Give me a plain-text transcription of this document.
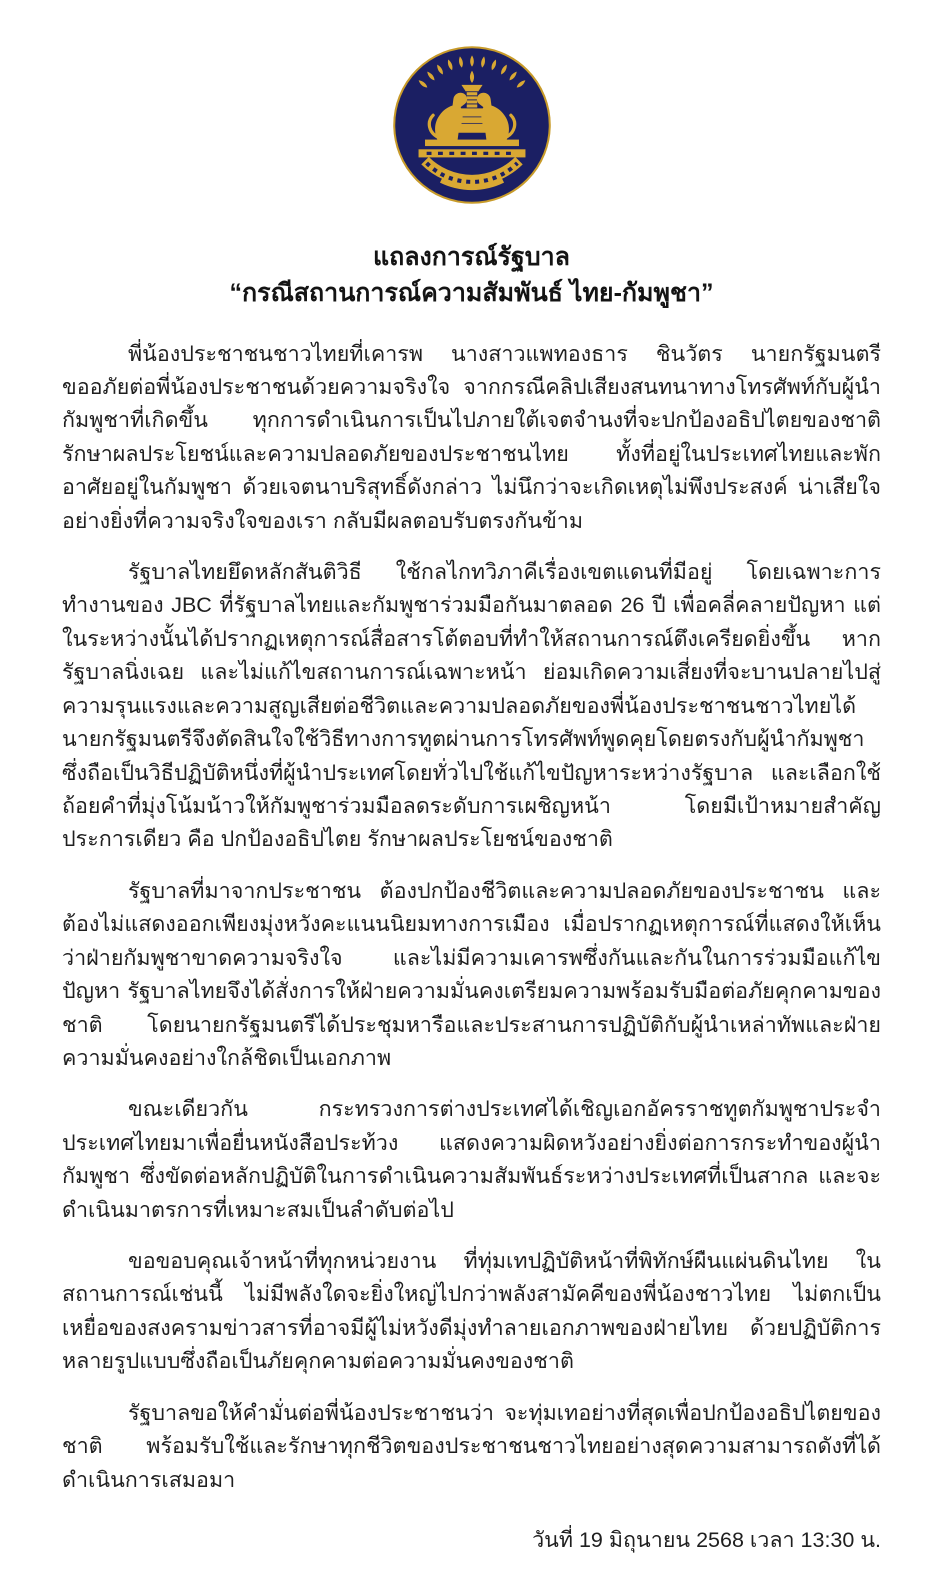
แถลงการณ์รัฐบาล
“กรณีสถานการณ์ความสัมพันธ์ ไทย-กัมพูชา”

พี่น้องประชาชนชาวไทยที่เคารพ นางสาวแพทองธาร ชินวัตร นายกรัฐมนตรี ขออภัยต่อพี่น้องประชาชนด้วยความจริงใจ จากกรณีคลิปเสียงสนทนาทางโทรศัพท์กับผู้นำกัมพูชาที่เกิดขึ้น ทุกการดำเนินการเป็นไปภายใต้เจตจำนงที่จะปกป้องอธิปไตยของชาติ รักษาผลประโยชน์และความปลอดภัยของประชาชนไทย ทั้งที่อยู่ในประเทศไทยและพักอาศัยอยู่ในกัมพูชา ด้วยเจตนาบริสุทธิ์ดังกล่าว ไม่นึกว่าจะเกิดเหตุไม่พึงประสงค์ น่าเสียใจอย่างยิ่งที่ความจริงใจของเรา กลับมีผลตอบรับตรงกันข้าม

รัฐบาลไทยยึดหลักสันติวิธี ใช้กลไกทวิภาคีเรื่องเขตแดนที่มีอยู่ โดยเฉพาะการทำงานของ JBC ที่รัฐบาลไทยและกัมพูชาร่วมมือกันมาตลอด 26 ปี เพื่อคลี่คลายปัญหา แต่ในระหว่างนั้นได้ปรากฏเหตุการณ์สื่อสารโต้ตอบที่ทำให้สถานการณ์ตึงเครียดยิ่งขึ้น หากรัฐบาลนิ่งเฉย และไม่แก้ไขสถานการณ์เฉพาะหน้า ย่อมเกิดความเสี่ยงที่จะบานปลายไปสู่ความรุนแรงและความสูญเสียต่อชีวิตและความปลอดภัยของพี่น้องประชาชนชาวไทยได้ นายกรัฐมนตรีจึงตัดสินใจใช้วิธีทางการทูตผ่านการโทรศัพท์พูดคุยโดยตรงกับผู้นำกัมพูชา ซึ่งถือเป็นวิธีปฏิบัติหนึ่งที่ผู้นำประเทศโดยทั่วไปใช้แก้ไขปัญหาระหว่างรัฐบาล และเลือกใช้ถ้อยคำที่มุ่งโน้มน้าวให้กัมพูชาร่วมมือลดระดับการเผชิญหน้า โดยมีเป้าหมายสำคัญประการเดียว คือ ปกป้องอธิปไตย รักษาผลประโยชน์ของชาติ

รัฐบาลที่มาจากประชาชน ต้องปกป้องชีวิตและความปลอดภัยของประชาชน และต้องไม่แสดงออกเพียงมุ่งหวังคะแนนนิยมทางการเมือง เมื่อปรากฏเหตุการณ์ที่แสดงให้เห็นว่าฝ่ายกัมพูชาขาดความจริงใจ และไม่มีความเคารพซึ่งกันและกันในการร่วมมือแก้ไขปัญหา รัฐบาลไทยจึงได้สั่งการให้ฝ่ายความมั่นคงเตรียมความพร้อมรับมือต่อภัยคุกคามของชาติ โดยนายกรัฐมนตรีได้ประชุมหารือและประสานการปฏิบัติกับผู้นำเหล่าทัพและฝ่ายความมั่นคงอย่างใกล้ชิดเป็นเอกภาพ

ขณะเดียวกัน กระทรวงการต่างประเทศได้เชิญเอกอัครราชทูตกัมพูชาประจำประเทศไทยมาเพื่อยื่นหนังสือประท้วง แสดงความผิดหวังอย่างยิ่งต่อการกระทำของผู้นำกัมพูชา ซึ่งขัดต่อหลักปฏิบัติในการดำเนินความสัมพันธ์ระหว่างประเทศที่เป็นสากล และจะดำเนินมาตรการที่เหมาะสมเป็นลำดับต่อไป

ขอขอบคุณเจ้าหน้าที่ทุกหน่วยงาน ที่ทุ่มเทปฏิบัติหน้าที่พิทักษ์ผืนแผ่นดินไทย ในสถานการณ์เช่นนี้ ไม่มีพลังใดจะยิ่งใหญ่ไปกว่าพลังสามัคคีของพี่น้องชาวไทย ไม่ตกเป็นเหยื่อของสงครามข่าวสารที่อาจมีผู้ไม่หวังดีมุ่งทำลายเอกภาพของฝ่ายไทย ด้วยปฏิบัติการหลายรูปแบบซึ่งถือเป็นภัยคุกคามต่อความมั่นคงของชาติ

รัฐบาลขอให้คำมั่นต่อพี่น้องประชาชนว่า จะทุ่มเทอย่างที่สุดเพื่อปกป้องอธิปไตยของชาติ พร้อมรับใช้และรักษาทุกชีวิตของประชาชนชาวไทยอย่างสุดความสามารถดังที่ได้ดำเนินการเสมอมา

วันที่ 19 มิถุนายน 2568 เวลา 13:30 น.
